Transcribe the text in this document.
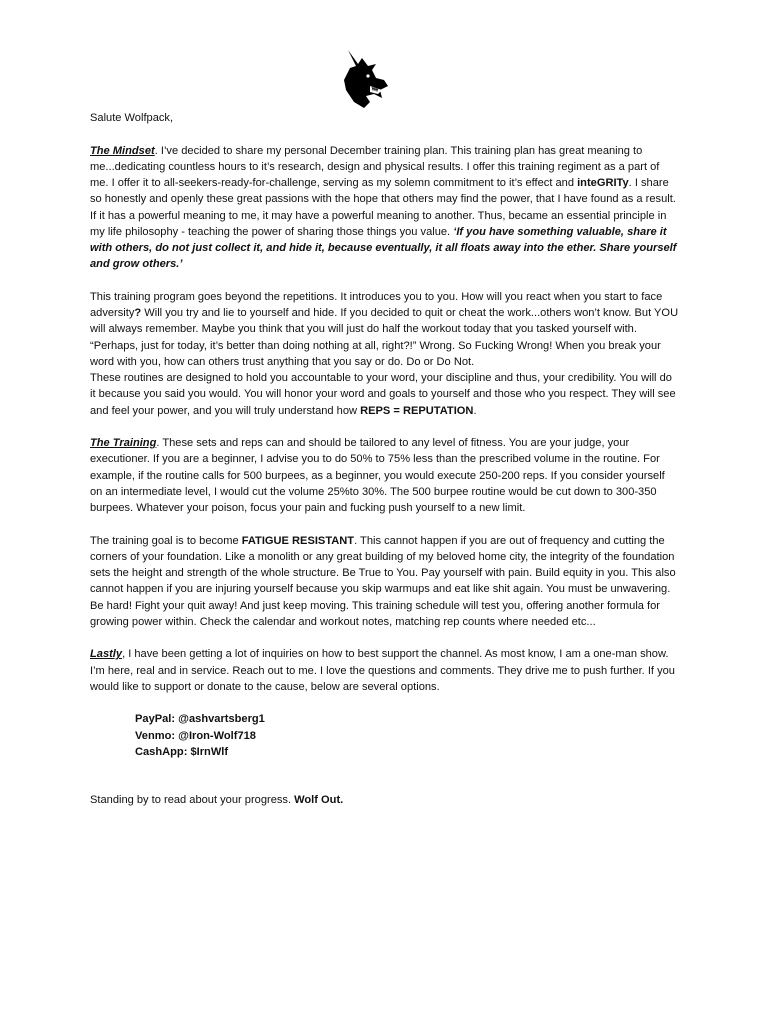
Salute Wolfpack,

The Mindset. I’ve decided to share my personal December training plan. This training plan has great meaning to me...dedicating countless hours to it’s research, design and physical results. I offer this training regiment as a part of me. I offer it to all-seekers-ready-for-challenge, serving as my solemn commitment to it’s effect and inteGRITy. I share so honestly and openly these great passions with the hope that others may find the power, that I have found as a result. If it has a powerful meaning to me, it may have a powerful meaning to another. Thus, became an essential principle in my life philosophy - teaching the power of sharing those things you value. ‘If you have something valuable, share it with others, do not just collect it, and hide it, because eventually, it all floats away into the ether. Share yourself and grow others.’

This training program goes beyond the repetitions. It introduces you to you. How will you react when you start to face adversity? Will you try and lie to yourself and hide. If you decided to quit or cheat the work...others won’t know. But YOU will always remember. Maybe you think that you will just do half the workout today that you tasked yourself with. “Perhaps, just for today, it’s better than doing nothing at all, right?!” Wrong. So Fucking Wrong! When you break your word with you, how can others trust anything that you say or do. Do or Do Not.

These routines are designed to hold you accountable to your word, your discipline and thus, your credibility. You will do it because you said you would. You will honor your word and goals to yourself and those who you respect. They will see and feel your power, and you will truly understand how REPS = REPUTATION.

The Training. These sets and reps can and should be tailored to any level of fitness. You are your judge, your executioner. If you are a beginner, I advise you to do 50% to 75% less than the prescribed volume in the routine. For example, if the routine calls for 500 burpees, as a beginner, you would execute 250-200 reps. If you consider yourself on an intermediate level, I would cut the volume 25%to 30%. The 500 burpee routine would be cut down to 300-350 burpees. Whatever your poison, focus your pain and fucking push yourself to a new limit.

The training goal is to become FATIGUE RESISTANT. This cannot happen if you are out of frequency and cutting the corners of your foundation. Like a monolith or any great building of my beloved home city, the integrity of the foundation sets the height and strength of the whole structure. Be True to You. Pay yourself with pain. Build equity in you. This also cannot happen if you are injuring yourself because you skip warmups and eat like shit again. You must be unwavering. Be hard! Fight your quit away! And just keep moving. This training schedule will test you, offering another formula for growing power within. Check the calendar and workout notes, matching rep counts where needed etc...

Lastly, I have been getting a lot of inquiries on how to best support the channel. As most know, I am a one-man show. I’m here, real and in service. Reach out to me. I love the questions and comments. They drive me to push further. If you would like to support or donate to the cause, below are several options.

PayPal: @ashvartsberg1

Venmo: @Iron-Wolf718

CashApp: $IrnWlf

Standing by to read about your progress. Wolf Out.
